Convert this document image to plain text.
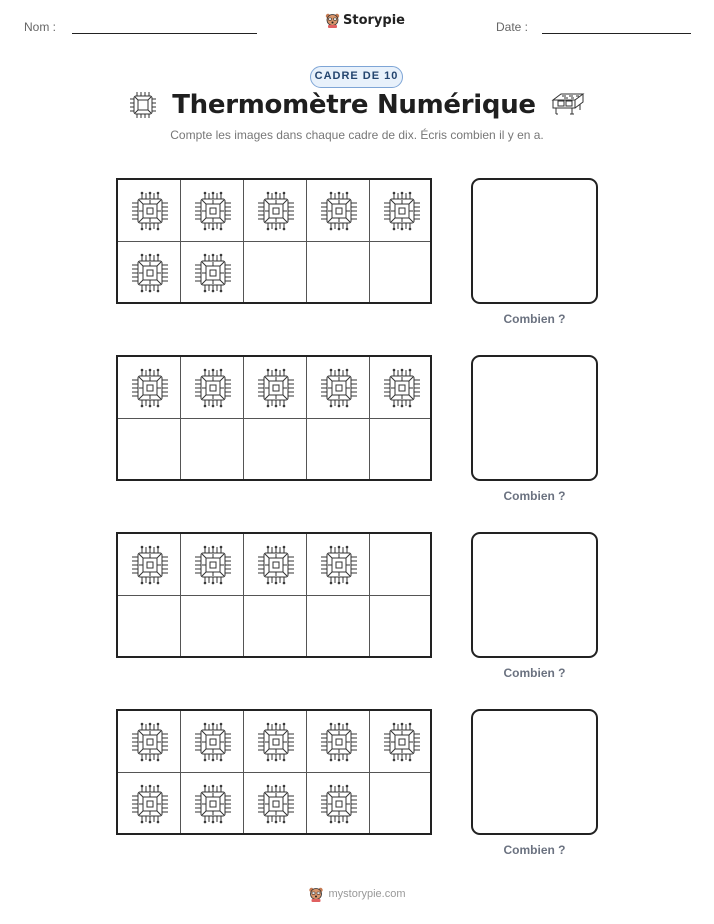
Nom :	Storypie	Date :
CADRE DE 10
Thermomètre Numérique
Compte les images dans chaque cadre de dix. Écris combien il y en a.
Combien ?
Combien ?
Combien ?
Combien ?
mystorypie.com
